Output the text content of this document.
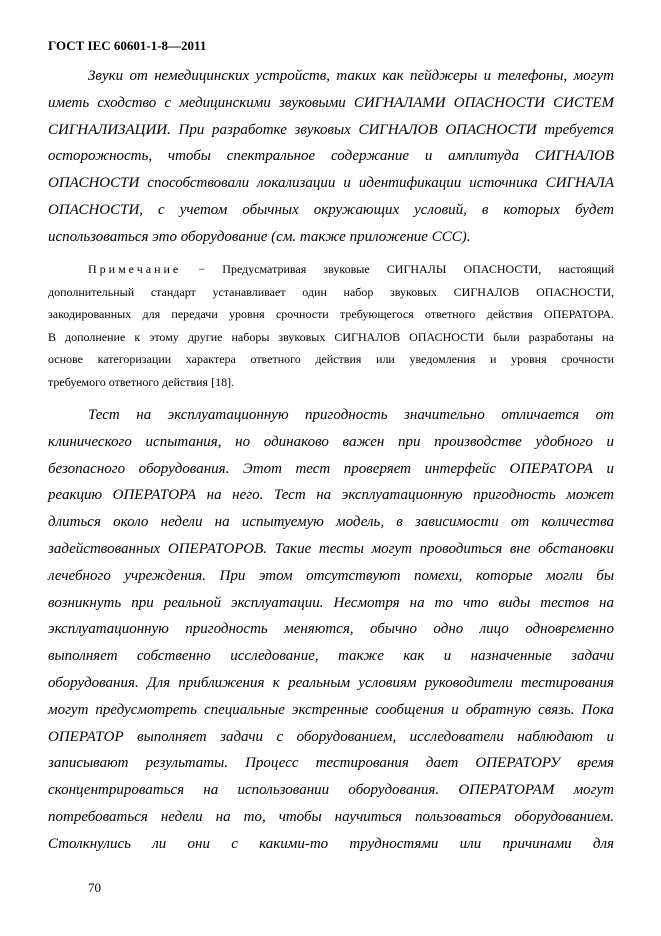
ГОСТ IEC 60601-1-8—2011
Звуки от немедицинских устройств, таких как пейджеры и телефоны, могут
иметь сходство с медицинскими звуковыми СИГНАЛАМИ ОПАСНОСТИ СИСТЕМ
СИГНАЛИЗАЦИИ. При разработке звуковых СИГНАЛОВ ОПАСНОСТИ требуется
осторожность, чтобы спектральное содержание и амплитуда СИГНАЛОВ
ОПАСНОСТИ способствовали локализации и идентификации источника СИГНАЛА
ОПАСНОСТИ, с учетом обычных окружающих условий, в которых будет
использоваться это оборудование (см. также приложение ССС).
Примечание − Предусматривая звуковые СИГНАЛЫ ОПАСНОСТИ, настоящий
дополнительный стандарт устанавливает один набор звуковых СИГНАЛОВ ОПАСНОСТИ,
закодированных для передачи уровня срочности требующегося ответного действия ОПЕРАТОРА.
В дополнение к этому другие наборы звуковых СИГНАЛОВ ОПАСНОСТИ были разработаны на
основе категоризации характера ответного действия или уведомления и уровня срочности
требуемого ответного действия [18].
Тест на эксплуатационную пригодность значительно отличается от
клинического испытания, но одинаково важен при производстве удобного и
безопасного оборудования. Этот тест проверяет интерфейс ОПЕРАТОРА и
реакцию ОПЕРАТОРА на него. Тест на эксплуатационную пригодность может
длиться около недели на испытуемую модель, в зависимости от количества
задействованных ОПЕРАТОРОВ. Такие тесты могут проводиться вне обстановки
лечебного учреждения. При этом отсутствуют помехи, которые могли бы
возникнуть при реальной эксплуатации. Несмотря на то что виды тестов на
эксплуатационную пригодность меняются, обычно одно лицо одновременно
выполняет собственно исследование, также как и назначенные задачи
оборудования. Для приближения к реальным условиям руководители тестирования
могут предусмотреть специальные экстренные сообщения и обратную связь. Пока
ОПЕРАТОР выполняет задачи с оборудованием, исследователи наблюдают и
записывают результаты. Процесс тестирования дает ОПЕРАТОРУ время
сконцентрироваться на использовании оборудования. ОПЕРАТОРАМ могут
потребоваться недели на то, чтобы научиться пользоваться оборудованием.
Столкнулись ли они с какими-то трудностями или причинами для
70
